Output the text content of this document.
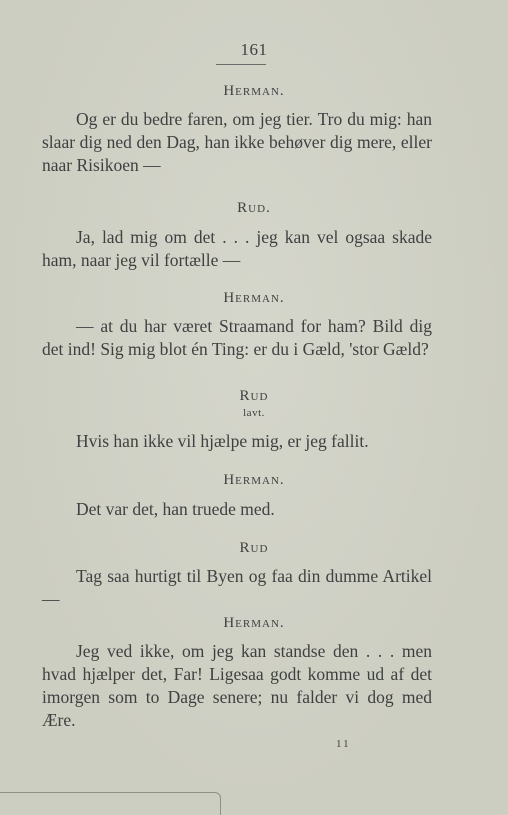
161
Herman.

Og er du bedre faren, om jeg tier. Tro du mig: han slaar dig ned den Dag, han ikke behøver dig mere, eller naar Risikoen —

Rud.

Ja, lad mig om det . . . jeg kan vel ogsaa skade ham, naar jeg vil fortælle —

Herman.

— at du har været Straamand for ham? Bild dig det ind! Sig mig blot én Ting: er du i Gæld, 'stor Gæld?

Rud
lavt.

Hvis han ikke vil hjælpe mig, er jeg fallit.

Herman.

Det var det, han truede med.

Rud

Tag saa hurtigt til Byen og faa din dumme Artikel —

Herman.

Jeg ved ikke, om jeg kan standse den . . . men hvad hjælper det, Far! Ligesaa godt komme ud af det imorgen som to Dage senere; nu falder vi dog med Ære.

11
